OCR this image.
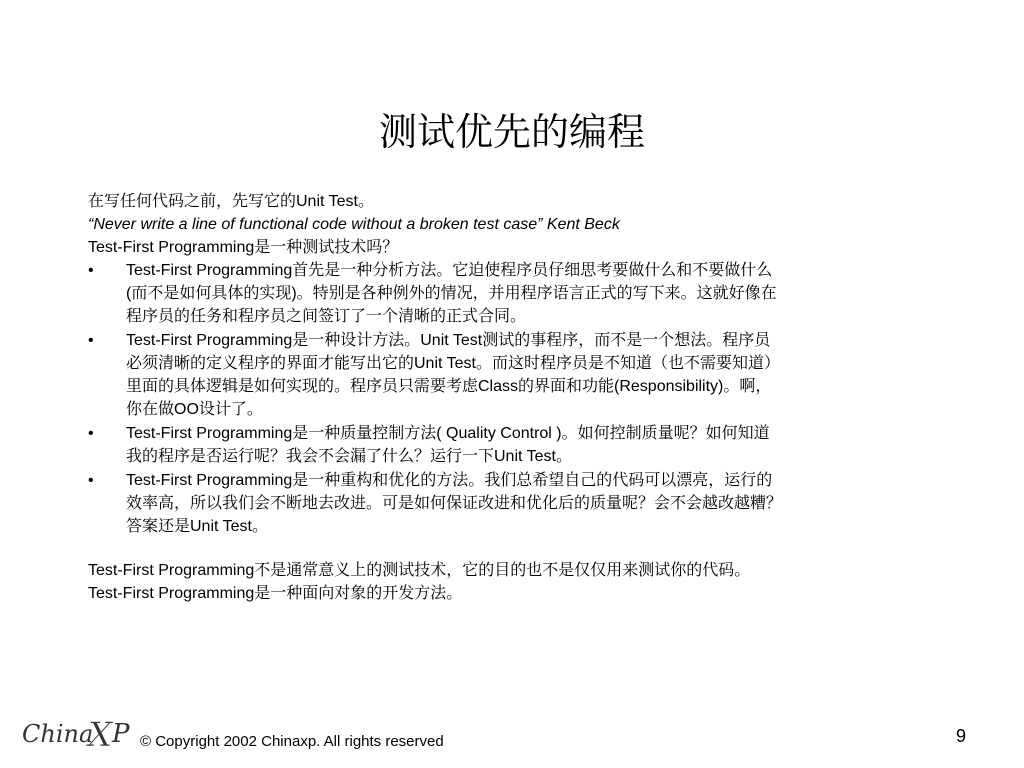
测试优先的编程

在写任何代码之前，先写它的Unit Test。

“Never write a line of functional code without a broken test case” Kent Beck

Test-First Programming是一种测试技术吗？

• Test-First Programming首先是一种分析方法。它迫使程序员仔细思考要做什么和不要做什么
(而不是如何具体的实现)。特别是各种例外的情况，并用程序语言正式的写下来。这就好像在
程序员的任务和程序员之间签订了一个清晰的正式合同。
• Test-First Programming是一种设计方法。Unit Test测试的事程序，而不是一个想法。程序员
必须清晰的定义程序的界面才能写出它的Unit Test。而这时程序员是不知道（也不需要知道）
里面的具体逻辑是如何实现的。程序员只需要考虑Class的界面和功能(Responsibility)。啊，
你在做OO设计了。
• Test-First Programming是一种质量控制方法( Quality Control )。如何控制质量呢？如何知道
我的程序是否运行呢？我会不会漏了什么？运行一下Unit Test。
• Test-First Programming是一种重构和优化的方法。我们总希望自己的代码可以漂亮，运行的
效率高，所以我们会不断地去改进。可是如何保证改进和优化后的质量呢？会不会越改越糟？
答案还是Unit Test。

Test-First Programming不是通常意义上的测试技术，它的目的也不是仅仅用来测试你的代码。

Test-First Programming是一种面向对象的开发方法。

China
X P © Copyright 2002 Chinaxp. All rights reserved	9
